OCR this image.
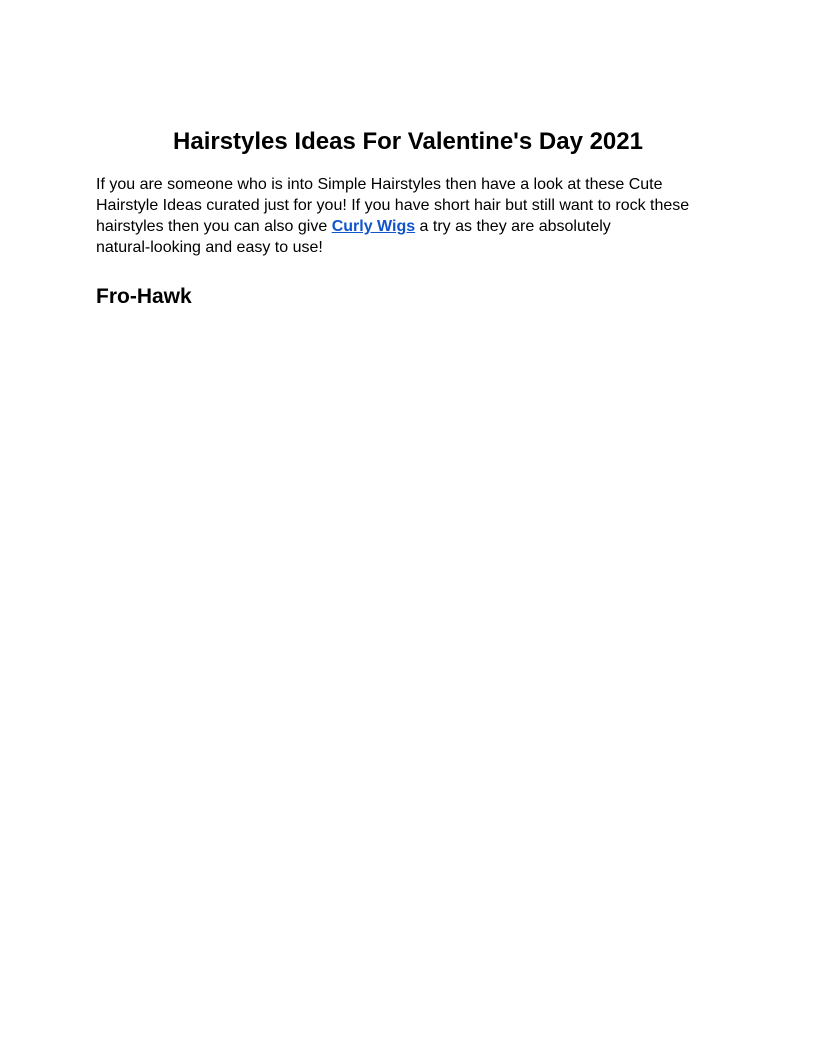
Hairstyles Ideas For Valentine's Day 2021

If you are someone who is into Simple Hairstyles then have a look at these Cute
Hairstyle Ideas curated just for you! If you have short hair but still want to rock these
hairstyles then you can also give Curly Wigs a try as they are absolutely
natural-looking and easy to use!

Fro-Hawk
